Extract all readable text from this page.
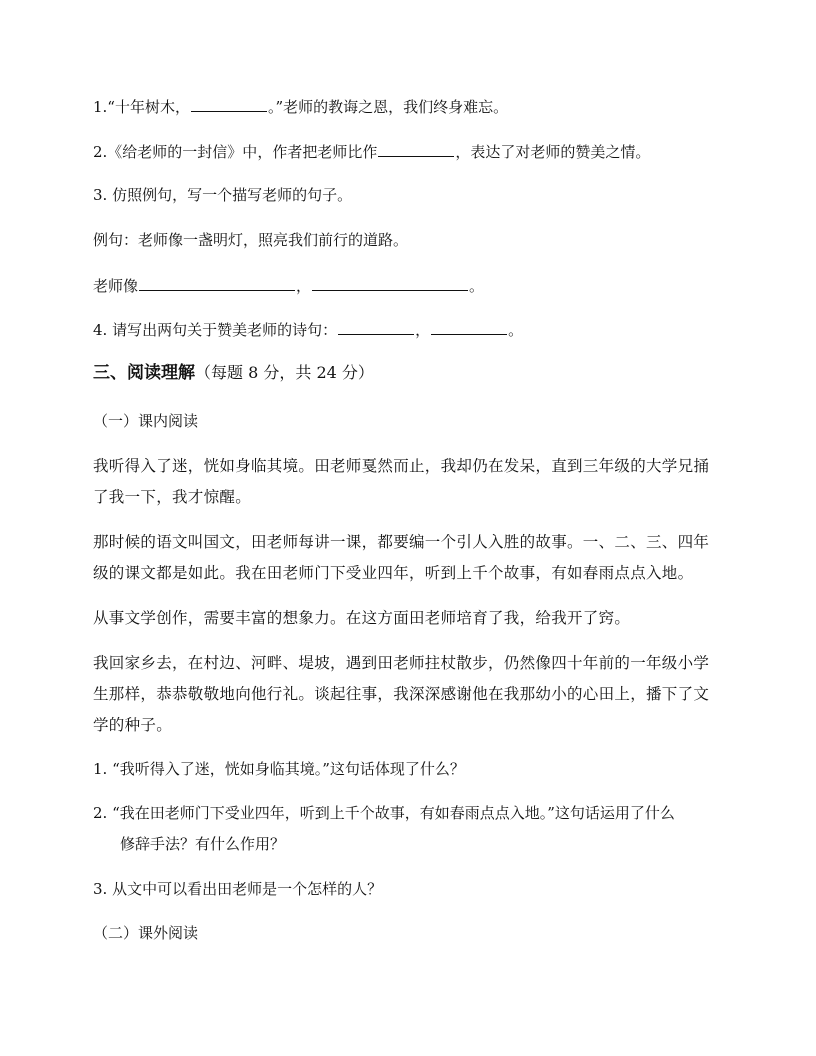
1.“十年树木，	。”老师的教诲之恩，我们终身难忘。
2.《给老师的一封信》中，作者把老师比作	，表达了对老师的赞美之情。
3. 仿照例句，写一个描写老师的句子。
例句：老师像一盏明灯，照亮我们前行的道路。
老师像	，	。
4. 请写出两句关于赞美老师的诗句：	，	。
三、阅读理解（每题 8 分，共 24 分）
（一）课内阅读
我听得入了迷，恍如身临其境。田老师戛然而止，我却仍在发呆，直到三年级的大学兄捅
了我一下，我才惊醒。
那时候的语文叫国文，田老师每讲一课，都要编一个引人入胜的故事。一、二、三、四年
级的课文都是如此。我在田老师门下受业四年，听到上千个故事，有如春雨点点入地。
从事文学创作，需要丰富的想象力。在这方面田老师培育了我，给我开了窍。
我回家乡去，在村边、河畔、堤坡，遇到田老师拄杖散步，仍然像四十年前的一年级小学
生那样，恭恭敬敬地向他行礼。谈起往事，我深深感谢他在我那幼小的心田上，播下了文
学的种子。
1. “我听得入了迷，恍如身临其境。”这句话体现了什么？
2. “我在田老师门下受业四年，听到上千个故事，有如春雨点点入地。”这句话运用了什么
修辞手法？有什么作用？
3. 从文中可以看出田老师是一个怎样的人？
（二）课外阅读
